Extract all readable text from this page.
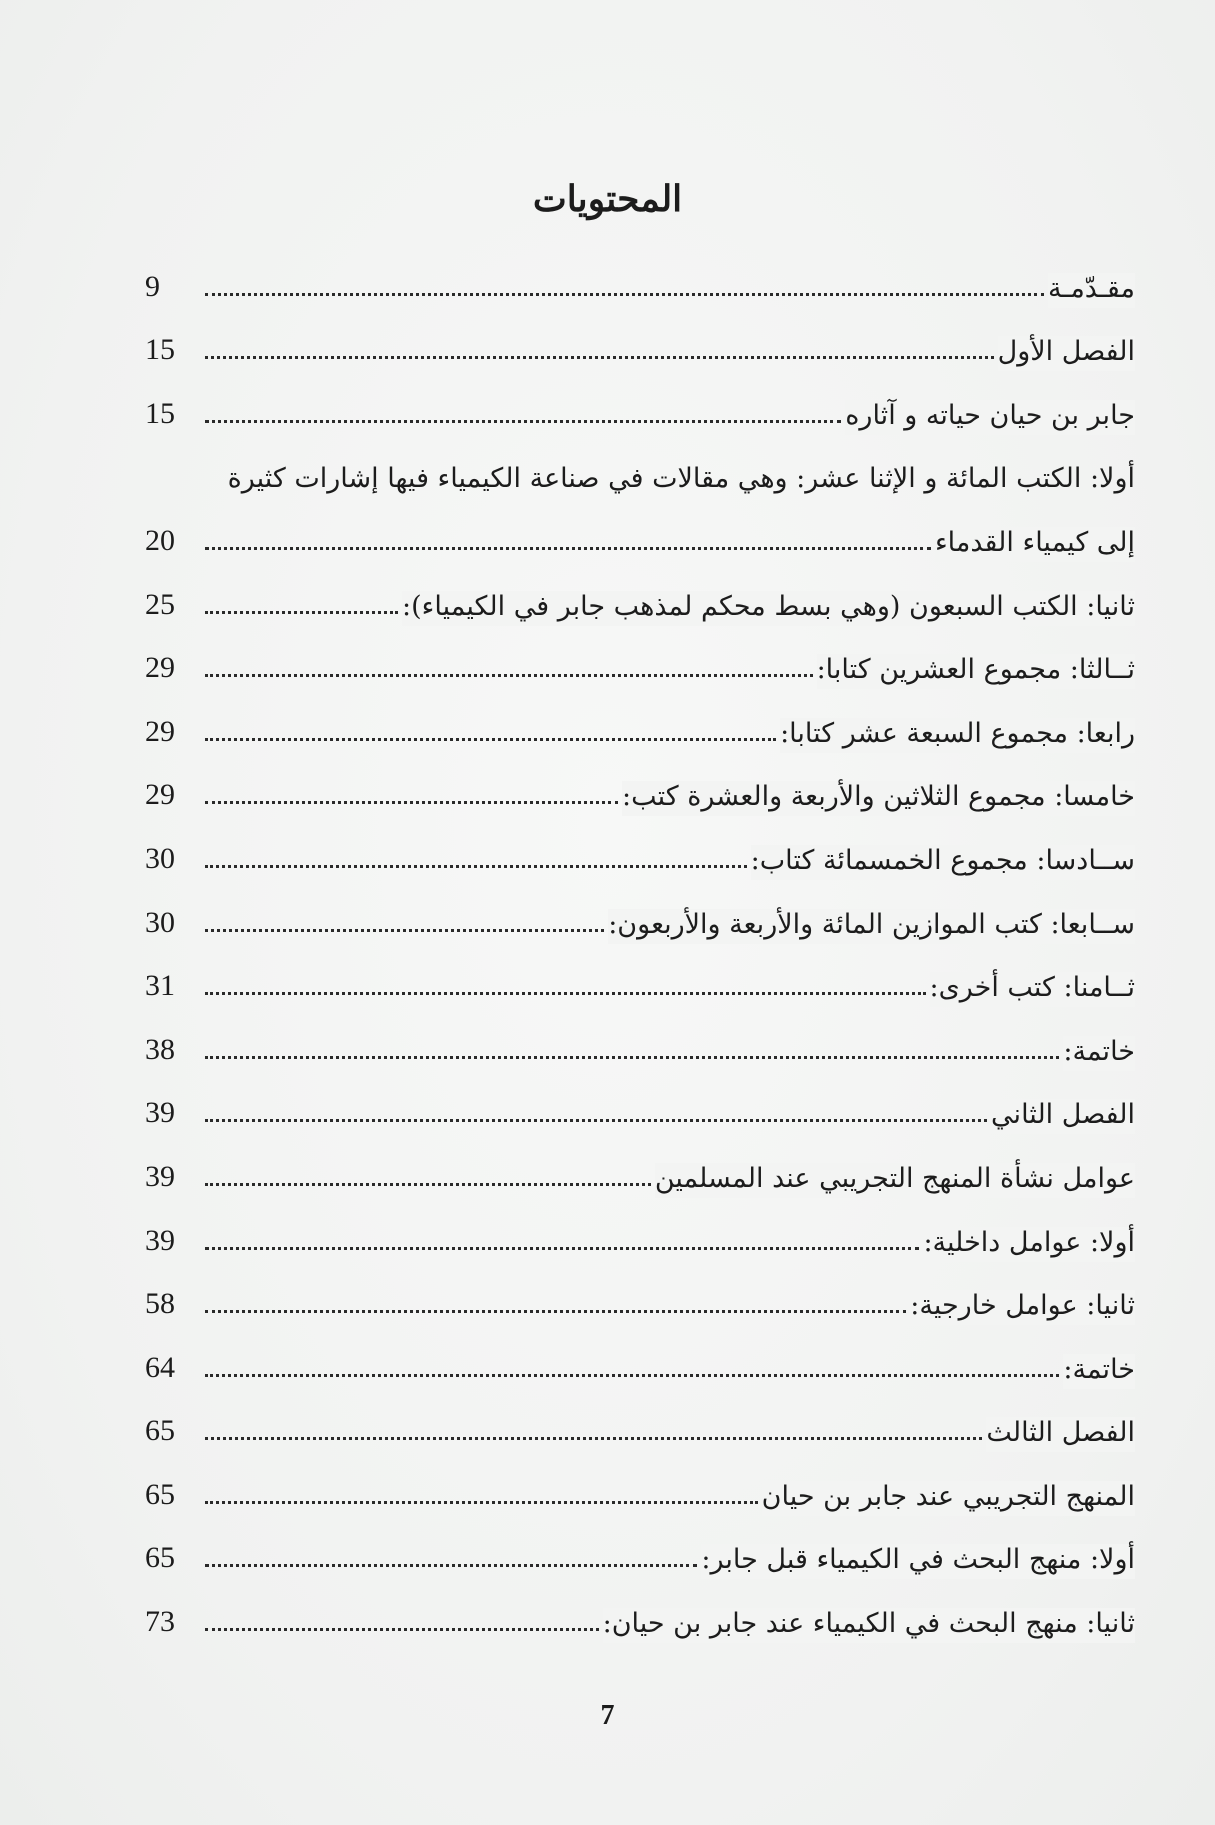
المحتويات
مقـدّمـة
9
الفصل الأول
15
جابر بن حيان حياته و آثاره
15
أولا: الكتب المائة و الإثنا عشر: وهي مقالات في صناعة الكيمياء فيها إشارات كثيرة
إلى كيمياء القدماء
20
ثانيا: الكتب السبعون (وهي بسط محكم لمذهب جابر في الكيمياء):
25
ثــالثا: مجموع العشرين كتابا:
29
رابعا: مجموع السبعة عشر كتابا:
29
خامسا: مجموع الثلاثين والأربعة والعشرة كتب:
29
ســادسا: مجموع الخمسمائة كتاب:
30
ســابعا: كتب الموازين المائة والأربعة والأربعون:
30
ثــامنا: كتب أخرى:
31
خاتمة:
38
الفصل الثاني
39
عوامل نشأة المنهج التجريبي عند المسلمين
39
أولا: عوامل داخلية:
39
ثانيا: عوامل خارجية:
58
خاتمة:
64
الفصل الثالث
65
المنهج التجريبي عند جابر بن حيان
65
أولا: منهج البحث في الكيمياء قبل جابر:
65
ثانيا: منهج البحث في الكيمياء عند جابر بن حيان:
73
7
